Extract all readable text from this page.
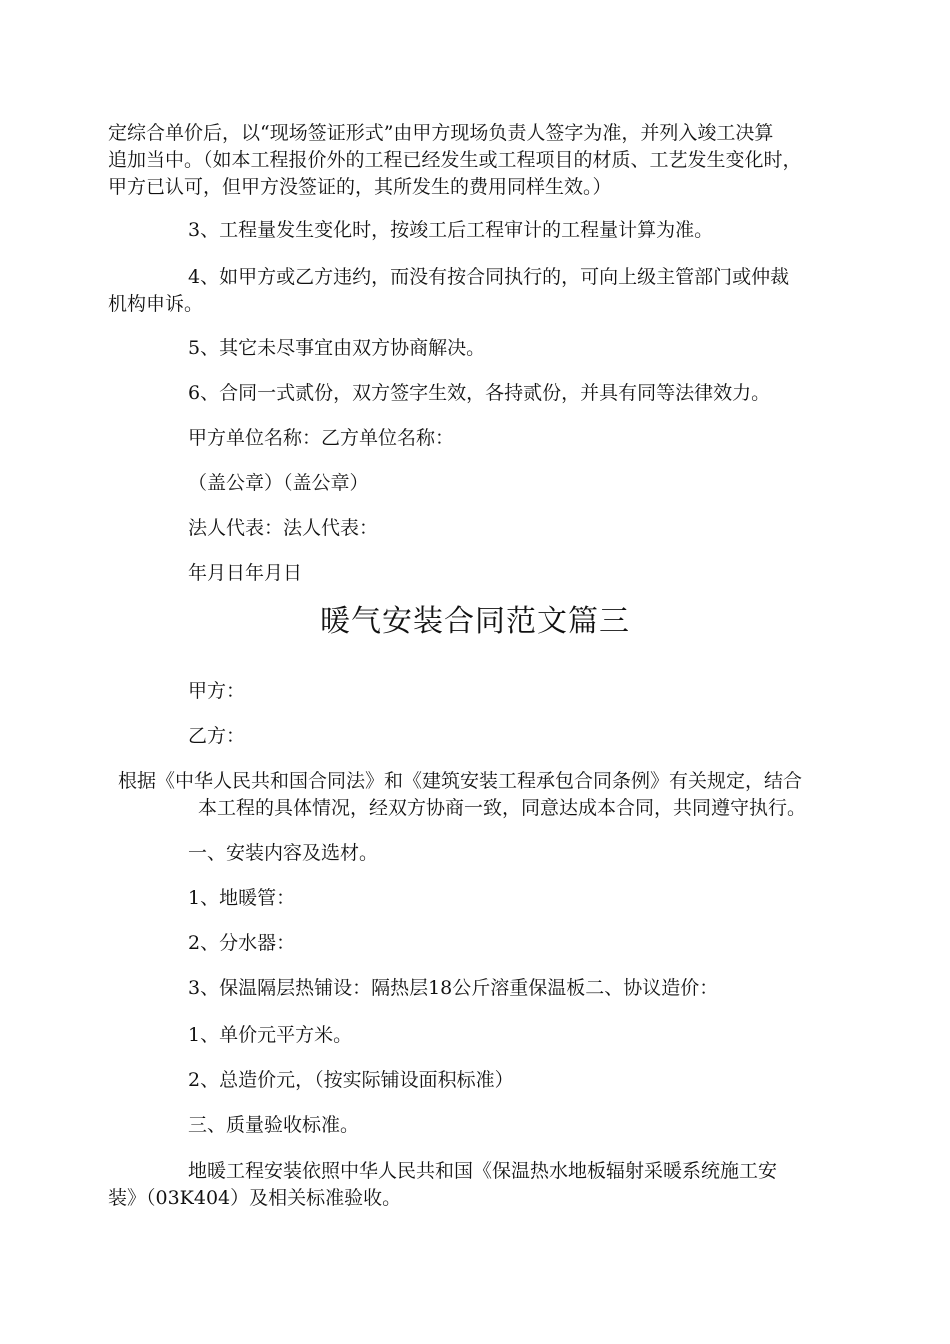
定综合单价后，以“现场签证形式”由甲方现场负责人签字为准，并列入竣工决算

追加当中。（如本工程报价外的工程已经发生或工程项目的材质、工艺发生变化时，

甲方已认可，但甲方没签证的，其所发生的费用同样生效。）

3、工程量发生变化时，按竣工后工程审计的工程量计算为准。

4、如甲方或乙方违约，而没有按合同执行的，可向上级主管部门或仲裁

机构申诉。

5、其它未尽事宜由双方协商解决。

6、合同一式贰份，双方签字生效，各持贰份，并具有同等法律效力。

甲方单位名称：乙方单位名称：

（盖公章）（盖公章）

法人代表：法人代表：

年月日年月日

暖气安装合同范文篇三

甲方：

乙方：

根据《中华人民共和国合同法》和《建筑安装工程承包合同条例》有关规定，结合

本工程的具体情况，经双方协商一致，同意达成本合同，共同遵守执行。

一、安装内容及选材。

1、地暖管：

2、分水器：

3、保温隔层热铺设：隔热层18公斤溶重保温板二、协议造价：

1、单价元平方米。

2、总造价元，（按实际铺设面积标准）

三、质量验收标准。

地暖工程安装依照中华人民共和国《保温热水地板辐射采暖系统施工安

装》（03K404）及相关标准验收。
